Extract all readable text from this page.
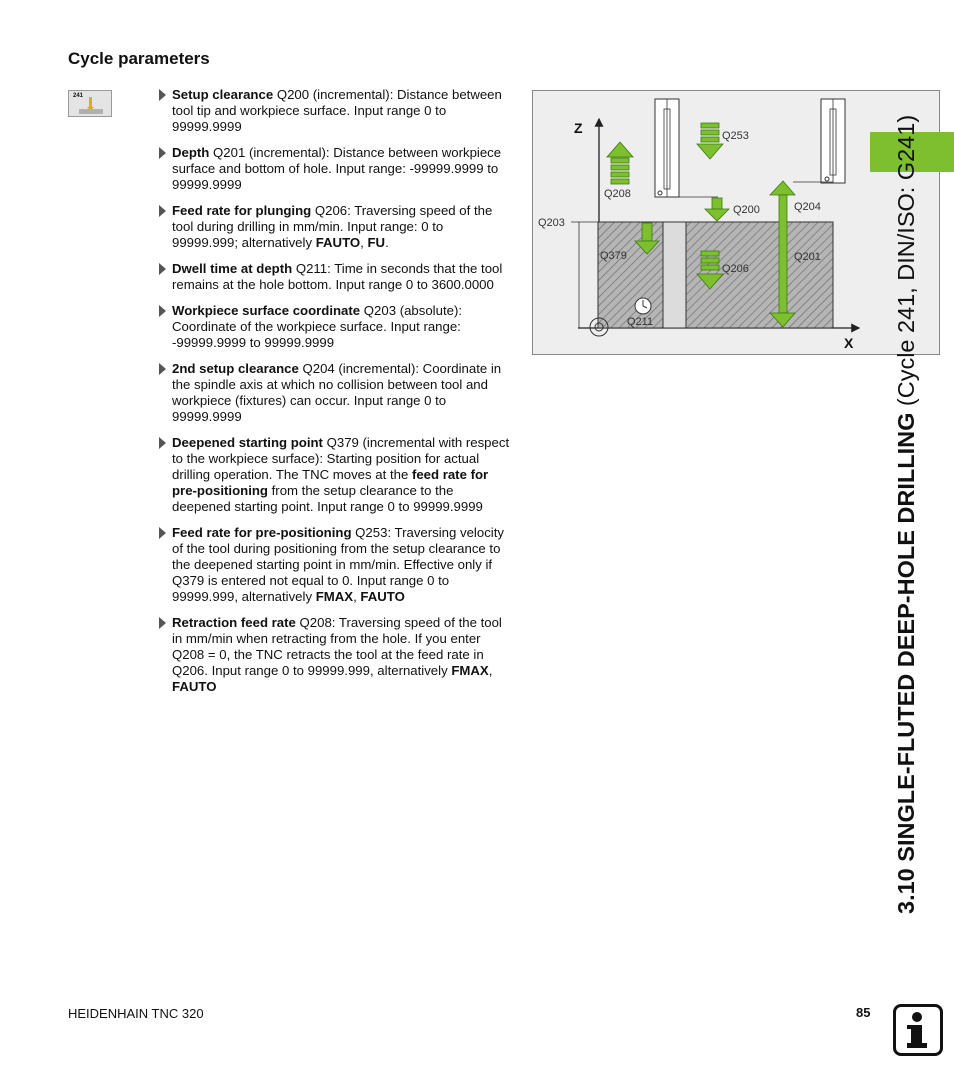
Cycle parameters
241	Setup clearance Q200 (incremental): Distance between tool tip and workpiece surface. Input range 0 to 99999.9999
Depth Q201 (incremental): Distance between workpiece surface and bottom of hole. Input range: -99999.9999 to 99999.9999
Feed rate for plunging Q206: Traversing speed of the tool during drilling in mm/min. Input range: 0 to 99999.999; alternatively FAUTO, FU.
Dwell time at depth Q211: Time in seconds that the tool remains at the hole bottom. Input range 0 to 3600.0000
Workpiece surface coordinate Q203 (absolute): Coordinate of the workpiece surface. Input range: -99999.9999 to 99999.9999
2nd setup clearance Q204 (incremental): Coordinate in the spindle axis at which no collision between tool and workpiece (fixtures) can occur. Input range 0 to 99999.9999
Deepened starting point Q379 (incremental with respect to the workpiece surface): Starting position for actual drilling operation. The TNC moves at the feed rate for pre-positioning from the setup clearance to the deepened starting point. Input range 0 to 99999.9999
Feed rate for pre-positioning Q253: Traversing velocity of the tool during positioning from the setup clearance to the deepened starting point in mm/min. Effective only if Q379 is entered not equal to 0. Input range 0 to 99999.999, alternatively FMAX, FAUTO
Retraction feed rate Q208: Traversing speed of the tool in mm/min when retracting from the hole. If you enter Q208 = 0, the TNC retracts the tool at the feed rate in Q206. Input range 0 to 99999.999, alternatively FMAX, FAUTO
Z
X
Q253
Q208
Q200	Q204
Q203
Q379
Q206
Q201
Q211
3.10 SINGLE-FLUTED DEEP-HOLE DRILLING (Cycle 241, DIN/ISO: G241)
HEIDENHAIN TNC 320	85
